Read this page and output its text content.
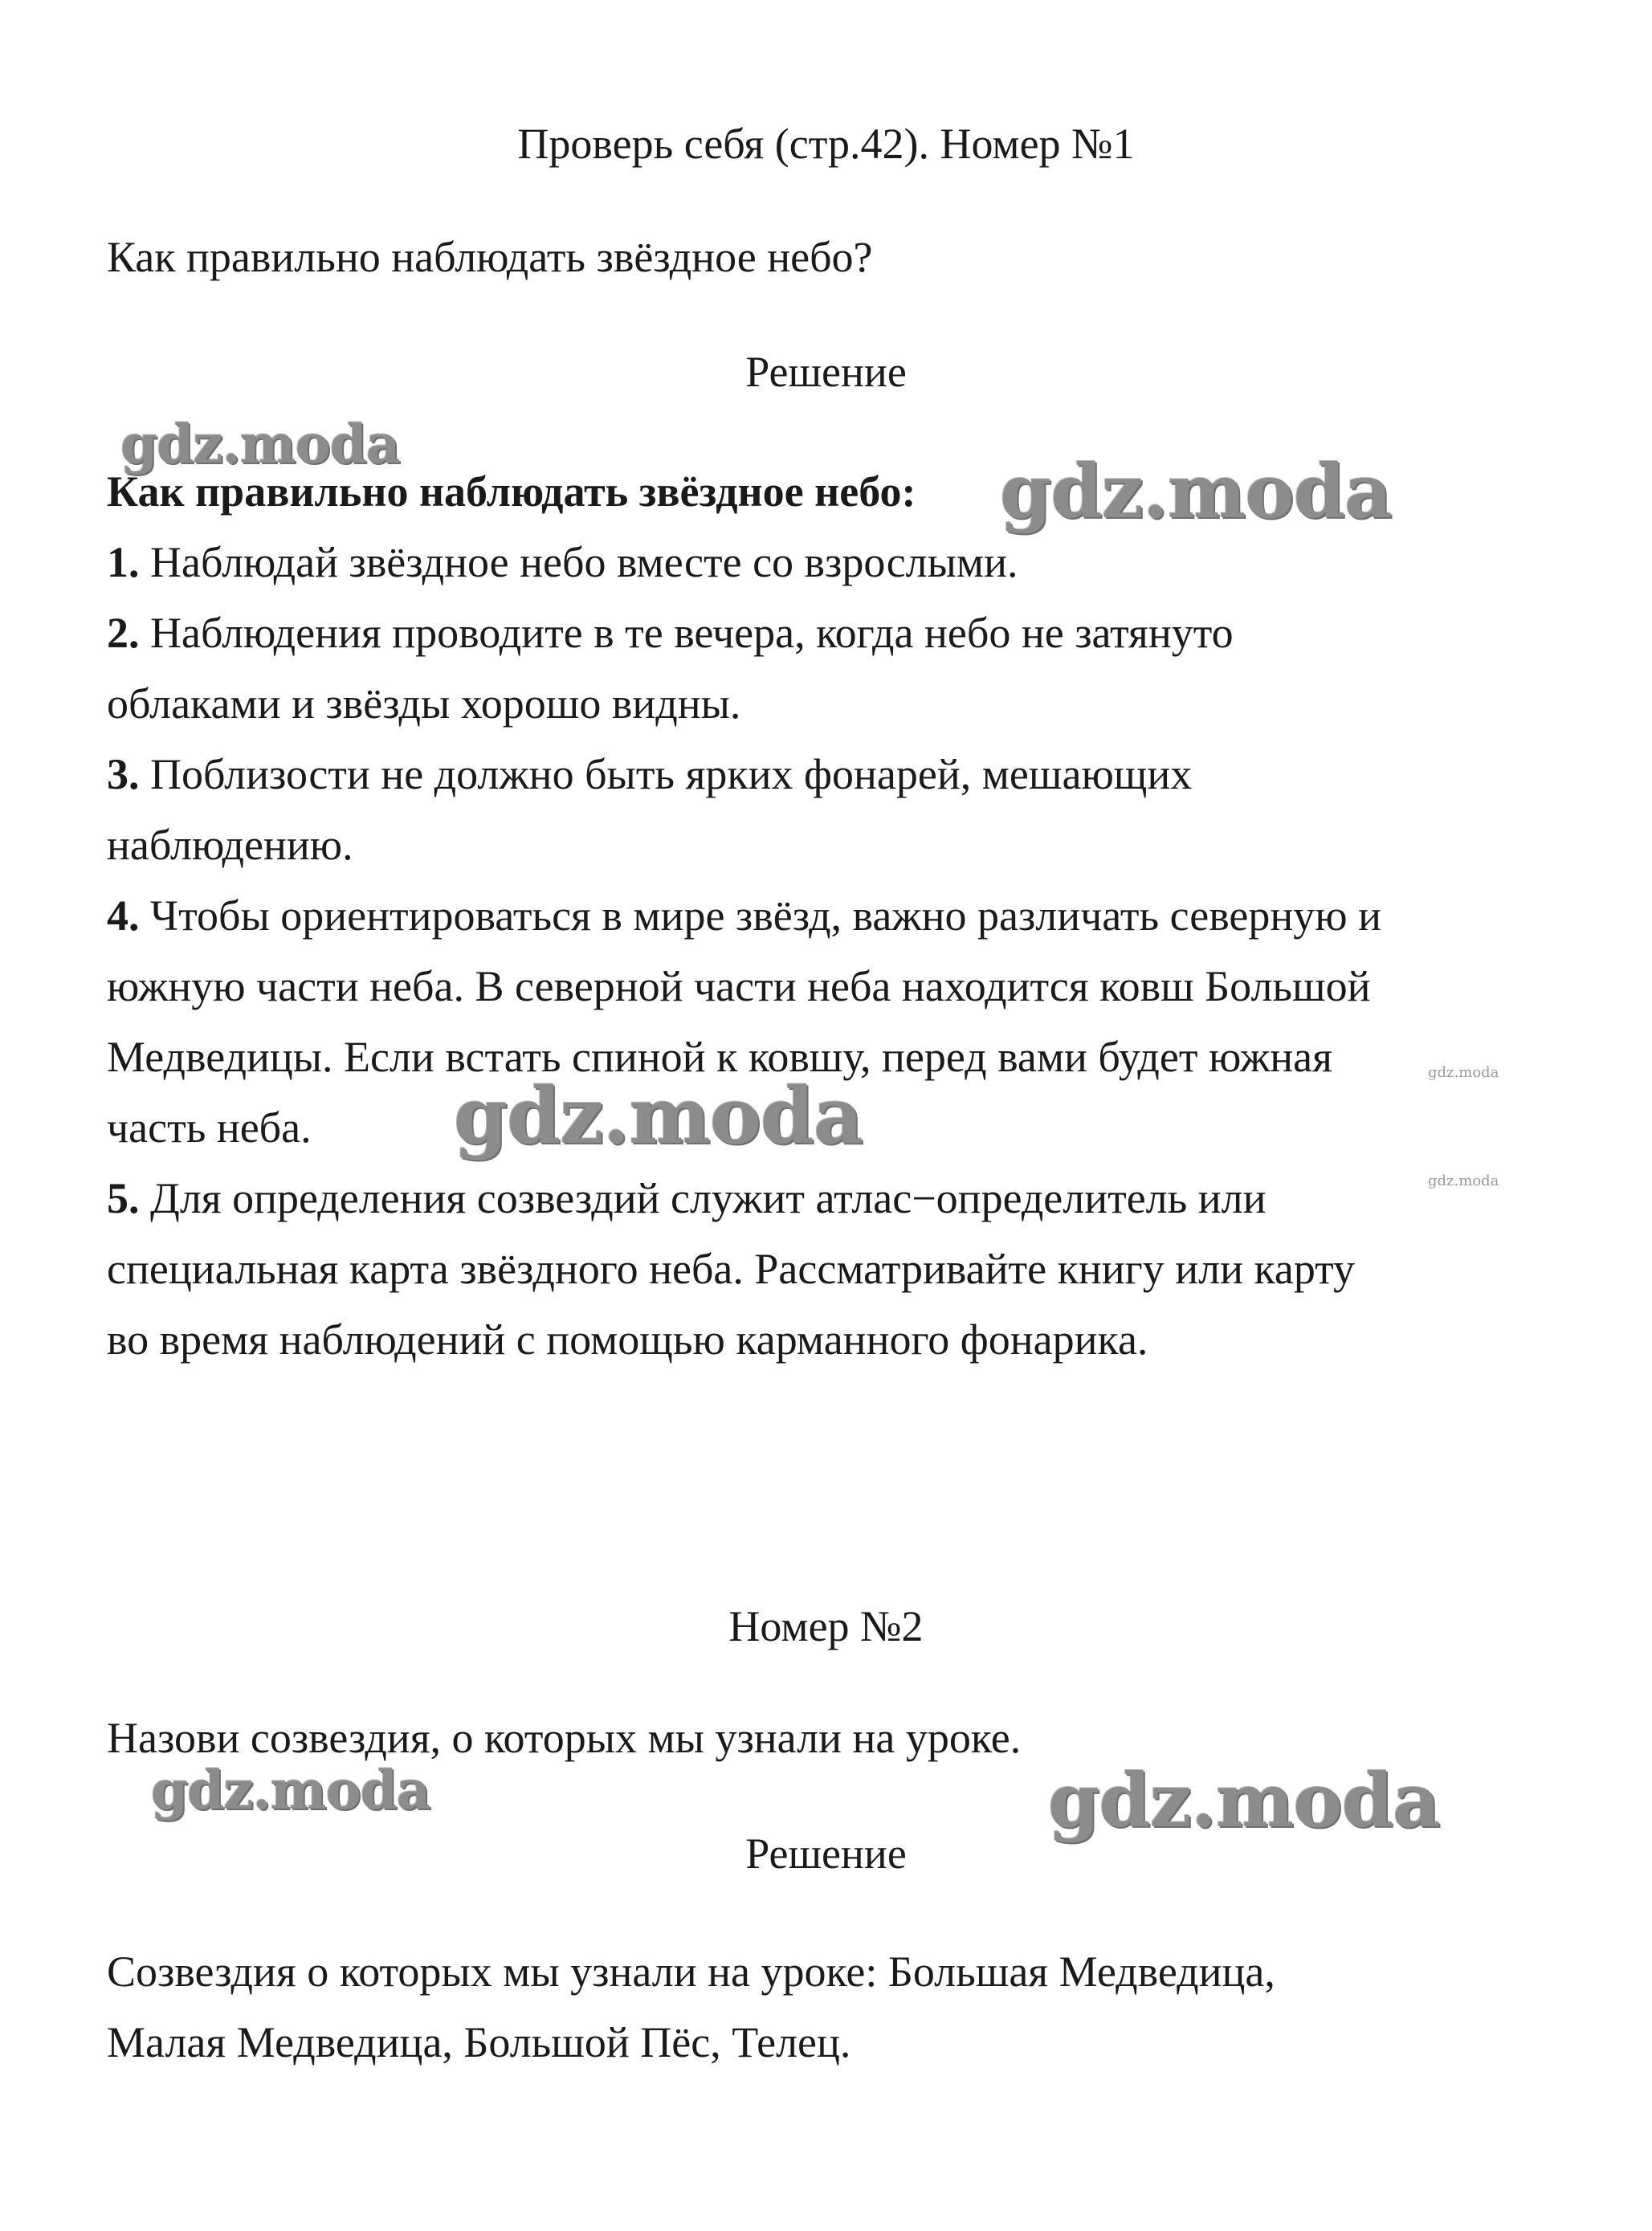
Проверь себя (стр.42). Номер №1
Как правильно наблюдать звёздное небо?
Решение
Как правильно наблюдать звёздное небо:
1. Наблюдай звёздное небо вместе со взрослыми.
2. Наблюдения проводите в те вечера, когда небо не затянуто
облаками и звёзды хорошо видны.
3. Поблизости не должно быть ярких фонарей, мешающих
наблюдению.
4. Чтобы ориентироваться в мире звёзд, важно различать северную и
южную части неба. В северной части неба находится ковш Большой
Медведицы. Если встать спиной к ковшу, перед вами будет южная
часть неба.
5. Для определения созвездий служит атлас−определитель или
специальная карта звёздного неба. Рассматривайте книгу или карту
во время наблюдений с помощью карманного фонарика.
Номер №2
Назови созвездия, о которых мы узнали на уроке.
Решение
Созвездия о которых мы узнали на уроке: Большая Медведица,
Малая Медведица, Большой Пёс, Телец.
gdz.moda
gdz.moda
gdz.moda	gdz.moda
gdz.moda
gdz.moda	gdz.moda
